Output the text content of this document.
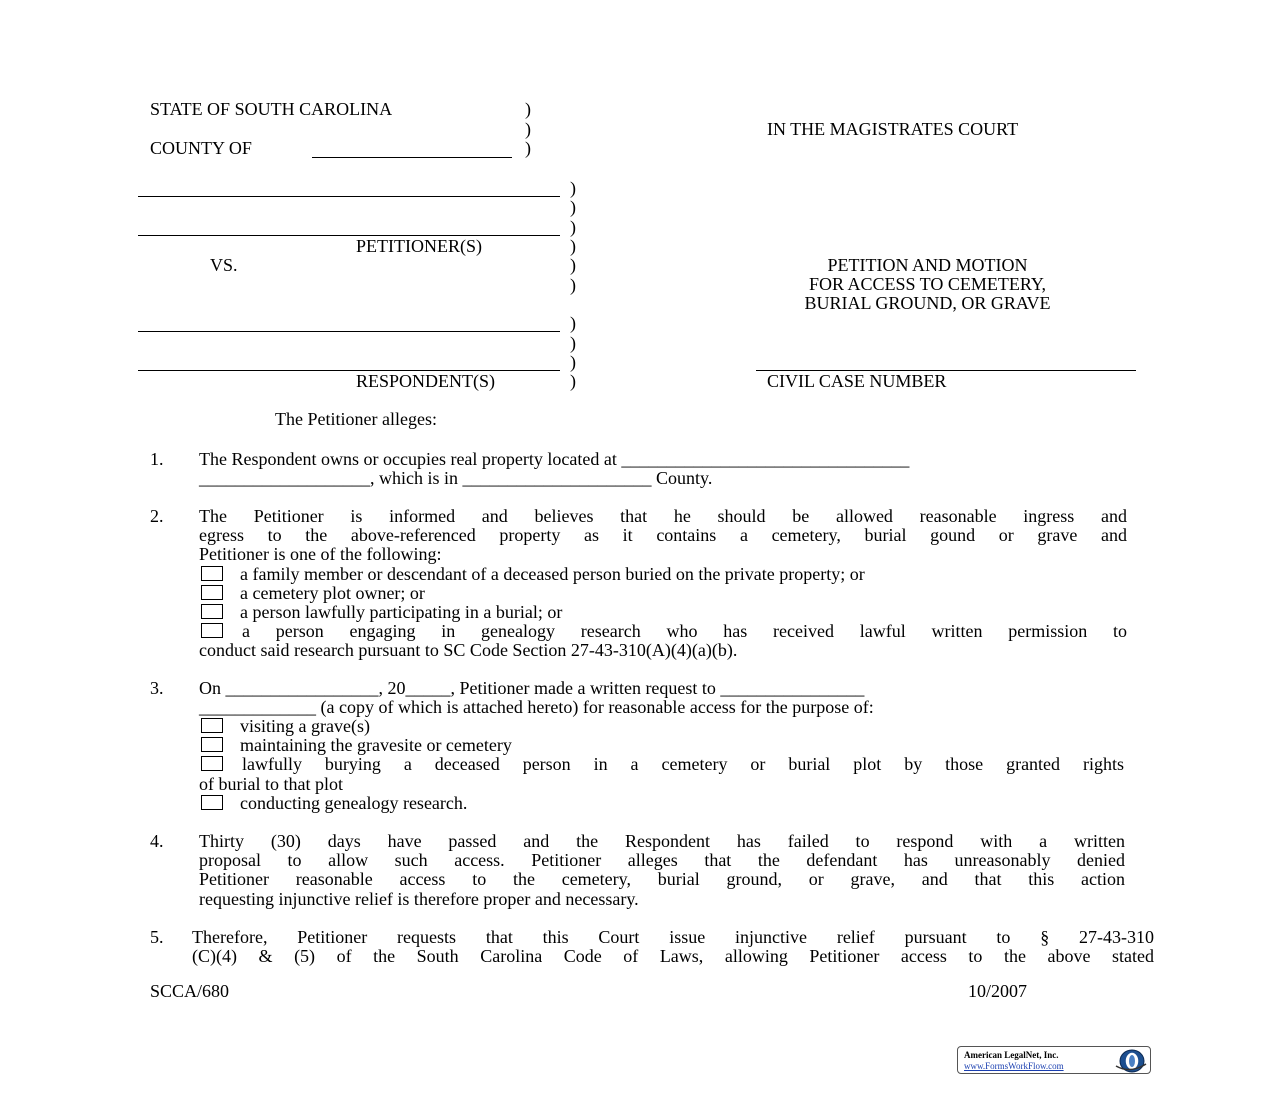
STATE OF SOUTH CAROLINA
COUNTY OF
)
)
)
IN THE MAGISTRATES COURT
PETITIONER(S)
VS.
RESPONDENT(S)
)
)
)
)
)
)
)
)
)
)
PETITION AND MOTION
FOR ACCESS TO CEMETERY,
BURIAL GROUND, OR GRAVE
CIVIL CASE NUMBER
The Petitioner alleges:
1. The Respondent owns or occupies real property located at ________________________________
___________________, which is in _____________________ County.
2. The Petitioner is informed and believes that he should be allowed reasonable ingress and
egress to the above-referenced property as it contains a cemetery, burial gound or grave and
Petitioner is one of the following:
a family member or descendant of a deceased person buried on the private property; or
a cemetery plot owner; or
a person lawfully participating in a burial; or
a person engaging in genealogy research who has received lawful written permission to
conduct said research pursuant to SC Code Section 27-43-310(A)(4)(a)(b).
3. On _________________, 20_____, Petitioner made a written request to ________________
_____________ (a copy of which is attached hereto) for reasonable access for the purpose of:
visiting a grave(s)
maintaining the gravesite or cemetery
lawfully burying a deceased person in a cemetery or burial plot by those granted rights
of burial to that plot
conducting genealogy research.
4. Thirty (30) days have passed and the Respondent has failed to respond with a written
proposal to allow such access. Petitioner alleges that the defendant has unreasonably denied
Petitioner reasonable access to the cemetery, burial ground, or grave, and that this action
requesting injunctive relief is therefore proper and necessary.
5. Therefore, Petitioner requests that this Court issue injunctive relief pursuant to § 27-43-310
(C)(4) & (5) of the South Carolina Code of Laws, allowing Petitioner access to the above stated
SCCA/680	10/2007
American LegalNet, Inc.
www.FormsWorkFlow.com
